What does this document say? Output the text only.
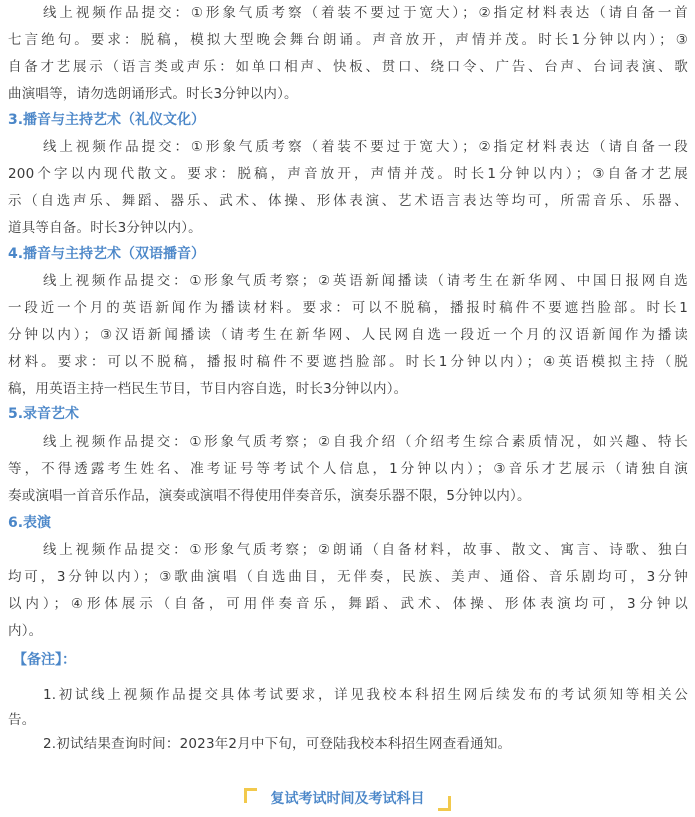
线上视频作品提交：①形象气质考察（着装不要过于宽大）；②指定材料表达（请自备一首
七言绝句。要求：脱稿，模拟大型晚会舞台朗诵。声音放开，声情并茂。时长1分钟以内）；③
自备才艺展示（语言类或声乐：如单口相声、快板、贯口、绕口令、广告、台声、台词表演、歌
曲演唱等，请勿选朗诵形式。时长3分钟以内）。
3.播音与主持艺术（礼仪文化）
线上视频作品提交：①形象气质考察（着装不要过于宽大）；②指定材料表达（请自备一段
200个字以内现代散文。要求：脱稿，声音放开，声情并茂。时长1分钟以内）；③自备才艺展
示（自选声乐、舞蹈、器乐、武术、体操、形体表演、艺术语言表达等均可，所需音乐、乐器、
道具等自备。时长3分钟以内）。
4.播音与主持艺术（双语播音）
线上视频作品提交：①形象气质考察；②英语新闻播读（请考生在新华网、中国日报网自选
一段近一个月的英语新闻作为播读材料。要求：可以不脱稿，播报时稿件不要遮挡脸部。时长1
分钟以内）；③汉语新闻播读（请考生在新华网、人民网自选一段近一个月的汉语新闻作为播读
材料。要求：可以不脱稿，播报时稿件不要遮挡脸部。时长1分钟以内）；④英语模拟主持（脱
稿，用英语主持一档民生节目，节目内容自选，时长3分钟以内）。
5.录音艺术
线上视频作品提交：①形象气质考察；②自我介绍（介绍考生综合素质情况，如兴趣、特长
等，不得透露考生姓名、准考证号等考试个人信息，1分钟以内）；③音乐才艺展示（请独自演
奏或演唱一首音乐作品，演奏或演唱不得使用伴奏音乐，演奏乐器不限，5分钟以内）。
6.表演
线上视频作品提交：①形象气质考察；②朗诵（自备材料，故事、散文、寓言、诗歌、独白
均可，3分钟以内）；③歌曲演唱（自选曲目，无伴奏，民族、美声、通俗、音乐剧均可，3分钟
以内）；④形体展示（自备，可用伴奏音乐，舞蹈、武术、体操、形体表演均可，3分钟以
内）。
【备注】：
1.初试线上视频作品提交具体考试要求，详见我校本科招生网后续发布的考试须知等相关公
告。
2.初试结果查询时间：2023年2月中下旬，可登陆我校本科招生网查看通知。
复试考试时间及考试科目
